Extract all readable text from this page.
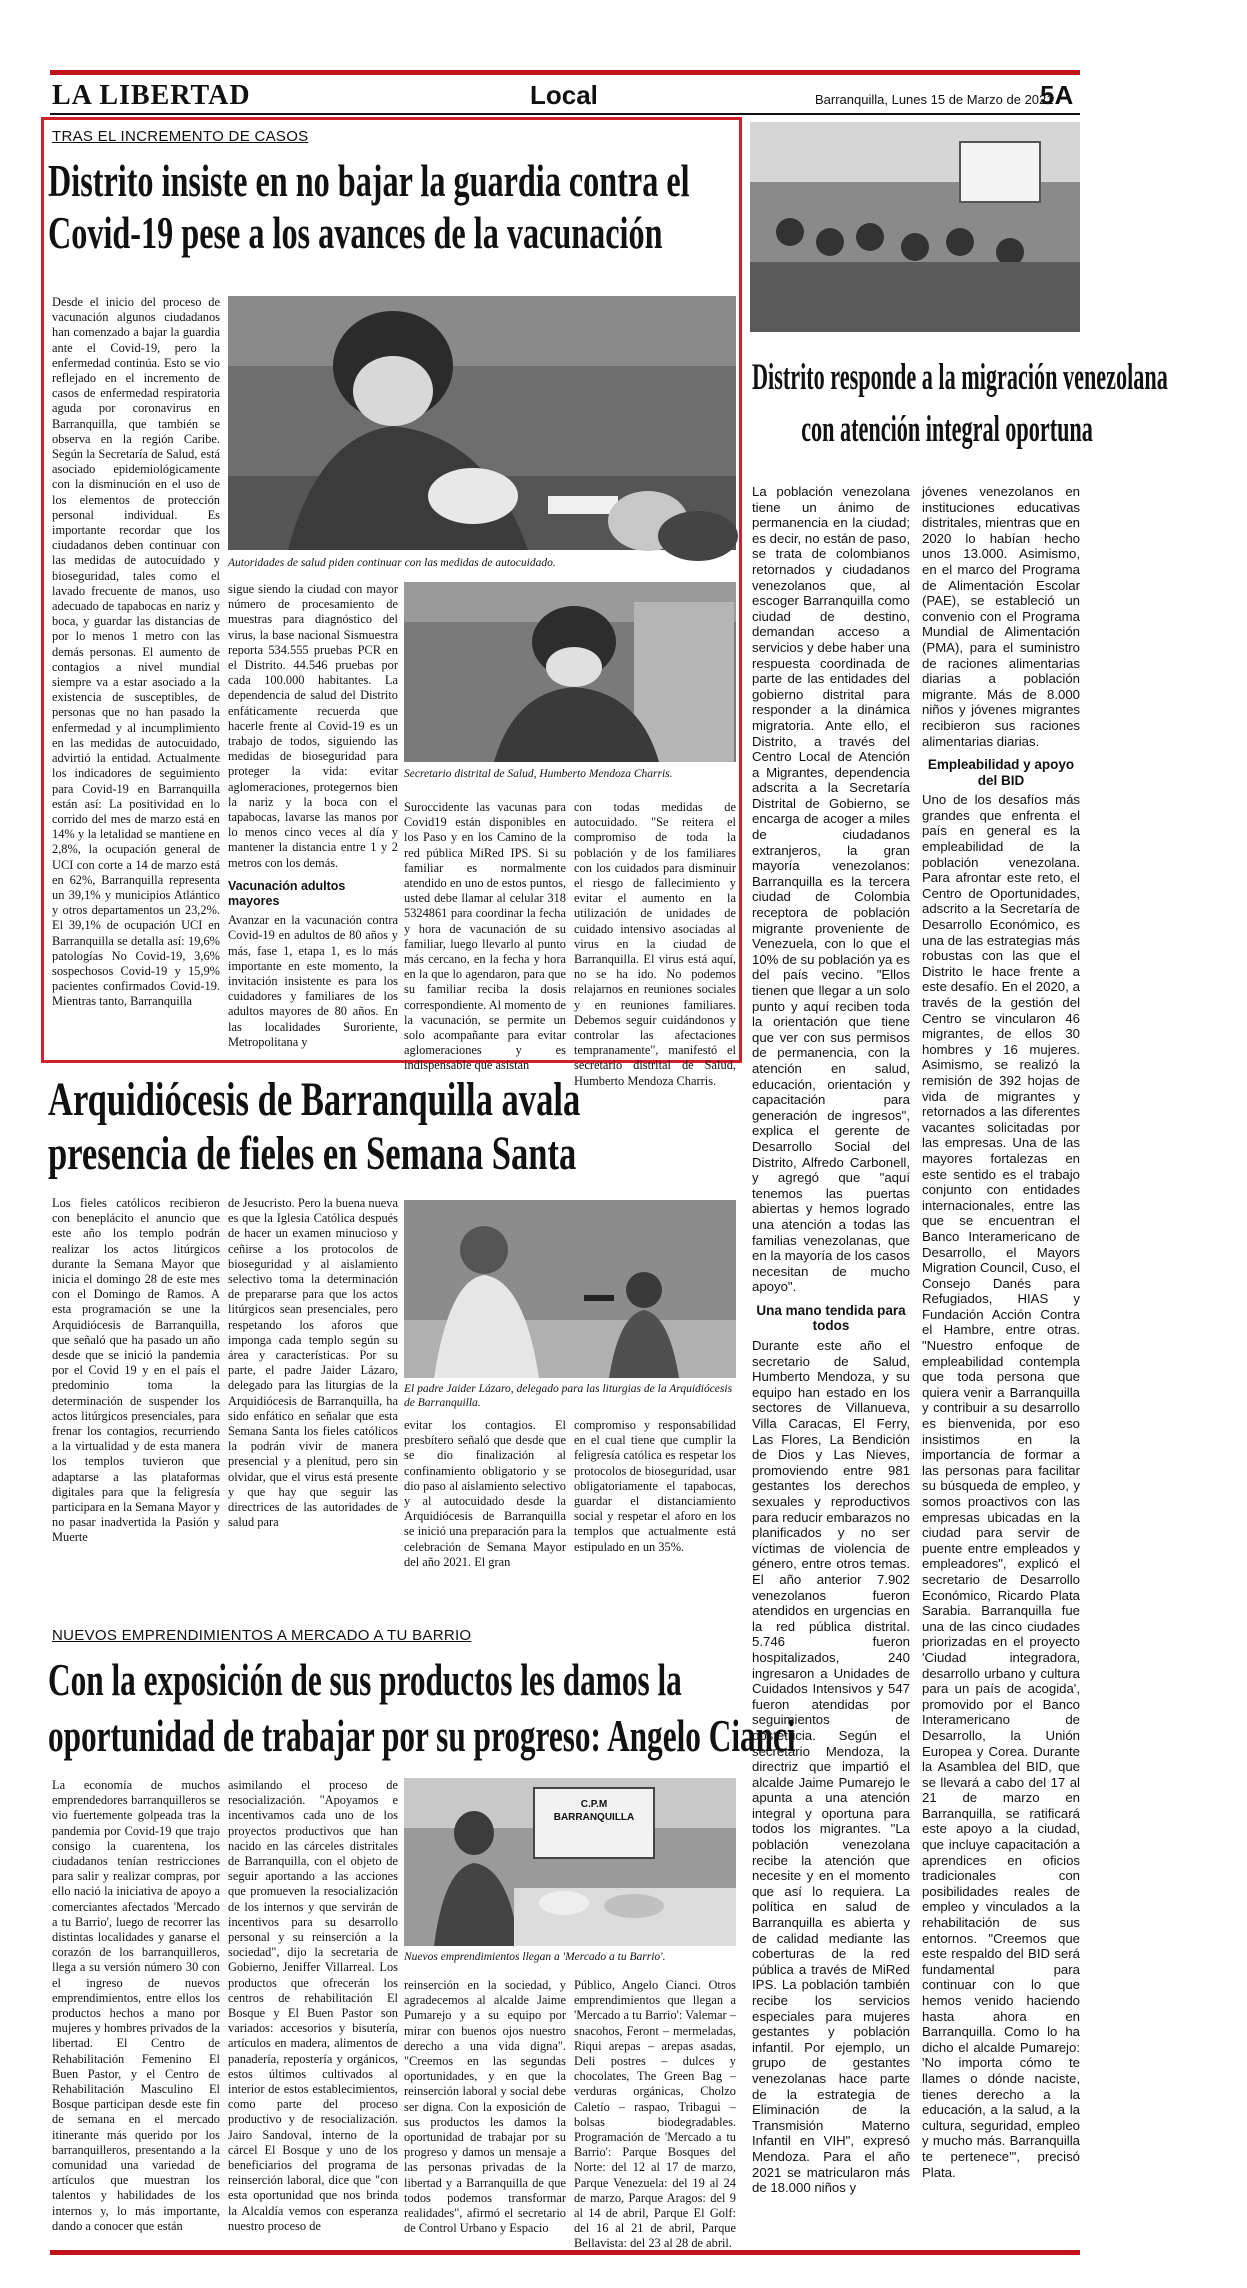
LA LIBERTAD	Local	Barranquilla, Lunes 15 de Marzo de 2021
5A
TRAS EL INCREMENTO DE CASOS
Distrito insiste en no bajar la guardia contra el
Covid-19 pese a los avances de la vacunación

Desde el inicio del proceso de vacunación algunos ciudadanos han comenzado a bajar la guardia ante el Covid-19, pero la enfermedad continúa. Esto se vio reflejado en el incremento de casos de enfermedad respiratoria aguda por coronavirus en Barranquilla, que también se observa en la región Caribe. Según la Secretaría de Salud, está asociado epidemiológicamente con la disminución en el uso de los elementos de protección personal individual. Es importante recordar que los ciudadanos deben continuar con las medidas de autocuidado y bioseguridad, tales como el lavado frecuente de manos, uso adecuado de tapabocas en nariz y boca, y guardar las distancias de por lo menos 1 metro con las demás personas. El aumento de contagios a nivel mundial siempre va a estar asociado a la existencia de susceptibles, de personas que no han pasado la enfermedad y al incumplimiento en las medidas de autocuidado, advirtió la entidad. Actualmente los indicadores de seguimiento para Covid-19 en Barranquilla están así: La positividad en lo corrido del mes de marzo está en 14% y la letalidad se mantiene en 2,8%, la ocupación general de UCI con corte a 14 de marzo está en 62%, Barranquilla representa un 39,1% y municipios Atlántico y otros departamentos un 23,2%. El 39,1% de ocupación UCI en Barranquilla se detalla así: 19,6% patologías No Covid-19, 3,6% sospechosos Covid-19 y 15,9% pacientes confirmados Covid-19. Mientras tanto, Barranquilla

Autoridades de salud piden continuar con las medidas de autocuidado.

sigue siendo la ciudad con mayor número de procesamiento de muestras para diagnóstico del virus, la base nacional Sismuestra reporta 534.555 pruebas PCR en el Distrito. 44.546 pruebas por cada 100.000 habitantes. La dependencia de salud del Distrito enfáticamente recuerda que hacerle frente al Covid-19 es un trabajo de todos, siguiendo las medidas de bioseguridad para proteger la vida: evitar aglomeraciones, protegernos bien la nariz y la boca con el tapabocas, lavarse las manos por lo menos cinco veces al día y mantener la distancia entre 1 y 2 metros con los demás.

Vacunación adultos mayores

Avanzar en la vacunación contra Covid-19 en adultos de 80 años y más, fase 1, etapa 1, es lo más importante en este momento, la invitación insistente es para los cuidadores y familiares de los adultos mayores de 80 años. En las localidades Suroriente, Metropolitana y

Secretario distrital de Salud, Humberto Mendoza Charris.

Suroccidente las vacunas para Covid19 están disponibles en los Paso y en los Camino de la red pública MiRed IPS. Si su familiar es normalmente atendido en uno de estos puntos, usted debe llamar al celular 318 5324861 para coordinar la fecha y hora de vacunación de su familiar, luego llevarlo al punto más cercano, en la fecha y hora en la que lo agendaron, para que su familiar reciba la dosis correspondiente. Al momento de la vacunación, se permite un solo acompañante para evitar aglomeraciones y es indispensable que asistan

con todas medidas de autocuidado. "Se reitera el compromiso de toda la población y de los familiares con los cuidados para disminuir el riesgo de fallecimiento y evitar el aumento en la utilización de unidades de cuidado intensivo asociadas al virus en la ciudad de Barranquilla. El virus está aquí, no se ha ido. No podemos relajarnos en reuniones sociales y en reuniones familiares. Debemos seguir cuidándonos y controlar las afectaciones tempranamente", manifestó el secretario distrital de Salud, Humberto Mendoza Charris.

Arquidiócesis de Barranquilla avala
presencia de fieles en Semana Santa

Los fieles católicos recibieron con beneplácito el anuncio que este año los templo podrán realizar los actos litúrgicos durante la Semana Mayor que inicia el domingo 28 de este mes con el Domingo de Ramos. A esta programación se une la Arquidiócesis de Barranquilla, que señaló que ha pasado un año desde que se inició la pandemia por el Covid 19 y en el país el predominio toma la determinación de suspender los actos litúrgicos presenciales, para frenar los contagios, recurriendo a la virtualidad y de esta manera los templos tuvieron que adaptarse a las plataformas digitales para que la feligresía participara en la Semana Mayor y no pasar inadvertida la Pasión y Muerte

de Jesucristo. Pero la buena nueva es que la Iglesia Católica después de hacer un examen minucioso y ceñirse a los protocolos de bioseguridad y al aislamiento selectivo toma la determinación de prepararse para que los actos litúrgicos sean presenciales, pero respetando los aforos que imponga cada templo según su área y características. Por su parte, el padre Jaider Lázaro, delegado para las liturgias de la Arquidiócesis de Barranquilla, ha sido enfático en señalar que esta Semana Santa los fieles católicos la podrán vivir de manera presencial y a plenitud, pero sin olvidar, que el virus está presente y que hay que seguir las directrices de las autoridades de salud para

El padre Jaider Lázaro, delegado para las liturgias de la Arquidiócesis de Barranquilla.

evitar los contagios. El presbítero señaló que desde que se dio finalización al confinamiento obligatorio y se dio paso al aislamiento selectivo y al autocuidado desde la Arquidiócesis de Barranquilla se inició una preparación para la celebración de Semana Mayor del año 2021. El gran

compromiso y responsabilidad en el cual tiene que cumplir la feligresía católica es respetar los protocolos de bioseguridad, usar obligatoriamente el tapabocas, guardar el distanciamiento social y respetar el aforo en los templos que actualmente está estipulado en un 35%.

NUEVOS EMPRENDIMIENTOS A MERCADO A TU BARRIO
Con la exposición de sus productos les damos la
oportunidad de trabajar por su progreso: Angelo Cianci

La economía de muchos emprendedores barranquilleros se vio fuertemente golpeada tras la pandemia por Covid-19 que trajo consigo la cuarentena, los ciudadanos tenían restricciones para salir y realizar compras, por ello nació la iniciativa de apoyo a comerciantes afectados 'Mercado a tu Barrio', luego de recorrer las distintas localidades y ganarse el corazón de los barranquilleros, llega a su versión número 30 con el ingreso de nuevos emprendimientos, entre ellos los productos hechos a mano por mujeres y hombres privados de la libertad. El Centro de Rehabilitación Femenino El Buen Pastor, y el Centro de Rehabilitación Masculino El Bosque participan desde este fin de semana en el mercado itinerante más querido por los barranquilleros, presentando a la comunidad una variedad de artículos que muestran los talentos y habilidades de los internos y, lo más importante, dando a conocer que están

asimilando el proceso de resocialización. "Apoyamos e incentivamos cada uno de los proyectos productivos que han nacido en las cárceles distritales de Barranquilla, con el objeto de seguir aportando a las acciones que promueven la resocialización de los internos y que servirán de incentivos para su desarrollo personal y su reinserción a la sociedad", dijo la secretaria de Gobierno, Jeniffer Villarreal. Los productos que ofrecerán los centros de rehabilitación El Bosque y El Buen Pastor son variados: accesorios y bisutería, artículos en madera, alimentos de panadería, repostería y orgánicos, estos últimos cultivados al interior de estos establecimientos, como parte del proceso productivo y de resocialización. Jairo Sandoval, interno de la cárcel El Bosque y uno de los beneficiarios del programa de reinserción laboral, dice que "con esta oportunidad que nos brinda la Alcaldía vemos con esperanza nuestro proceso de

C.P.M
BARRANQUILLA
Nuevos emprendimientos llegan a 'Mercado a tu Barrio'.

reinserción en la sociedad, y agradecemos al alcalde Jaime Pumarejo y a su equipo por mirar con buenos ojos nuestro derecho a una vida digna". "Creemos en las segundas oportunidades, y en que la reinserción laboral y social debe ser digna. Con la exposición de sus productos les damos la oportunidad de trabajar por su progreso y damos un mensaje a las personas privadas de la libertad y a Barranquilla de que todos podemos transformar realidades", afirmó el secretario de Control Urbano y Espacio

Público, Angelo Cianci. Otros emprendimientos que llegan a 'Mercado a tu Barrio': Valemar – snacohos, Feront – mermeladas, Riqui arepas – arepas asadas, Deli postres – dulces y chocolates, The Green Bag – verduras orgánicas, Cholzo Caletío – raspao, Tribagui – bolsas biodegradables. Programación de 'Mercado a tu Barrio': Parque Bosques del Norte: del 12 al 17 de marzo, Parque Venezuela: del 19 al 24 de marzo, Parque Aragos: del 9 al 14 de abril, Parque El Golf: del 16 al 21 de abril, Parque Bellavista: del 23 al 28 de abril.

Distrito responde a la migración venezolana
con atención integral oportuna

La población venezolana tiene un ánimo de permanencia en la ciudad; es decir, no están de paso, se trata de colombianos retornados y ciudadanos venezolanos que, al escoger Barranquilla como ciudad de destino, demandan acceso a servicios y debe haber una respuesta coordinada de parte de las entidades del gobierno distrital para responder a la dinámica migratoria. Ante ello, el Distrito, a través del Centro Local de Atención a Migrantes, dependencia adscrita a la Secretaría Distrital de Gobierno, se encarga de acoger a miles de ciudadanos extranjeros, la gran mayoría venezolanos: Barranquilla es la tercera ciudad de Colombia receptora de población migrante proveniente de Venezuela, con lo que el 10% de su población ya es del país vecino. "Ellos tienen que llegar a un solo punto y aquí reciben toda la orientación que tiene que ver con sus permisos de permanencia, con la atención en salud, educación, orientación y capacitación para generación de ingresos", explica el gerente de Desarrollo Social del Distrito, Alfredo Carbonell, y agregó que "aquí tenemos las puertas abiertas y hemos logrado una atención a todas las familias venezolanas, que en la mayoría de los casos necesitan de mucho apoyo".

Una mano tendida para todos

Durante este año el secretario de Salud, Humberto Mendoza, y su equipo han estado en los sectores de Villanueva, Villa Caracas, El Ferry, Las Flores, La Bendición de Dios y Las Nieves, promoviendo entre 981 gestantes los derechos sexuales y reproductivos para reducir embarazos no planificados y no ser víctimas de violencia de género, entre otros temas. El año anterior 7.902 venezolanos fueron atendidos en urgencias en la red pública distrital. 5.746 fueron hospitalizados, 240 ingresaron a Unidades de Cuidados Intensivos y 547 fueron atendidas por seguimientos de obstetricia. Según el secretario Mendoza, la directriz que impartió el alcalde Jaime Pumarejo le apunta a una atención integral y oportuna para todos los migrantes. "La población venezolana recibe la atención que necesite y en el momento que así lo requiera. La política en salud de Barranquilla es abierta y de calidad mediante las coberturas de la red pública a través de MiRed IPS. La población también recibe los servicios especiales para mujeres gestantes y población infantil. Por ejemplo, un grupo de gestantes venezolanas hace parte de la estrategia de Eliminación de la Transmisión Materno Infantil en VIH", expresó Mendoza. Para el año 2021 se matricularon más de 18.000 niños y

jóvenes venezolanos en instituciones educativas distritales, mientras que en 2020 lo habían hecho unos 13.000. Asimismo, en el marco del Programa de Alimentación Escolar (PAE), se estableció un convenio con el Programa Mundial de Alimentación (PMA), para el suministro de raciones alimentarias diarias a población migrante. Más de 8.000 niños y jóvenes migrantes recibieron sus raciones alimentarias diarias.

Empleabilidad y apoyo del BID

Uno de los desafíos más grandes que enfrenta el país en general es la empleabilidad de la población venezolana. Para afrontar este reto, el Centro de Oportunidades, adscrito a la Secretaría de Desarrollo Económico, es una de las estrategias más robustas con las que el Distrito le hace frente a este desafío. En el 2020, a través de la gestión del Centro se vincularon 46 migrantes, de ellos 30 hombres y 16 mujeres. Asimismo, se realizó la remisión de 392 hojas de vida de migrantes y retornados a las diferentes vacantes solicitadas por las empresas. Una de las mayores fortalezas en este sentido es el trabajo conjunto con entidades internacionales, entre las que se encuentran el Banco Interamericano de Desarrollo, el Mayors Migration Council, Cuso, el Consejo Danés para Refugiados, HIAS y Fundación Acción Contra el Hambre, entre otras. "Nuestro enfoque de empleabilidad contempla que toda persona que quiera venir a Barranquilla y contribuir a su desarrollo es bienvenida, por eso insistimos en la importancia de formar a las personas para facilitar su búsqueda de empleo, y somos proactivos con las empresas ubicadas en la ciudad para servir de puente entre empleados y empleadores", explicó el secretario de Desarrollo Económico, Ricardo Plata Sarabia. Barranquilla fue una de las cinco ciudades priorizadas en el proyecto 'Ciudad integradora, desarrollo urbano y cultura para un país de acogida', promovido por el Banco Interamericano de Desarrollo, la Unión Europea y Corea. Durante la Asamblea del BID, que se llevará a cabo del 17 al 21 de marzo en Barranquilla, se ratificará este apoyo a la ciudad, que incluye capacitación a aprendices en oficios tradicionales con posibilidades reales de empleo y vinculados a la rehabilitación de sus entornos. "Creemos que este respaldo del BID será fundamental para continuar con lo que hemos venido haciendo hasta ahora en Barranquilla. Como lo ha dicho el alcalde Pumarejo: 'No importa cómo te llames o dónde naciste, tienes derecho a la educación, a la salud, a la cultura, seguridad, empleo y mucho más. Barranquilla te pertenece'", precisó Plata.
